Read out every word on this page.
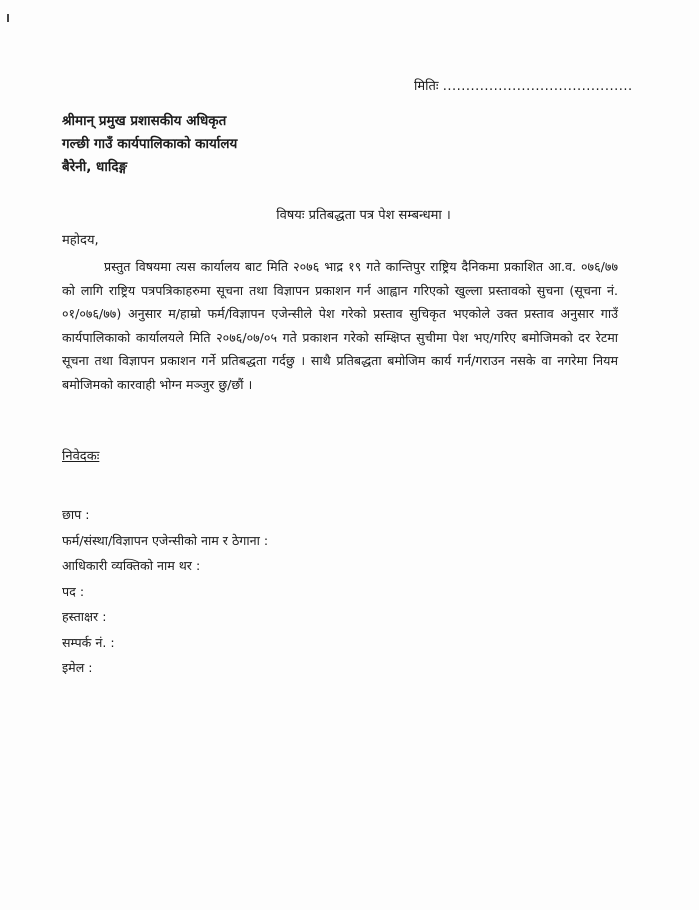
मितिः .........................................
श्रीमान् प्रमुख प्रशासकीय अधिकृत
गल्छी गाउँ कार्यपालिकाको कार्यालय
बैरेनी, धादिङ्ग
विषयः प्रतिबद्धता पत्र पेश सम्बन्धमा ।
महोदय,

प्रस्तुत विषयमा त्यस कार्यालय बाट मिति २०७६ भाद्र १९ गते कान्तिपुर राष्ट्रिय दैनिकमा प्रकाशित आ.व. ०७६/७७ को लागि राष्ट्रिय पत्रपत्रिकाहरुमा सूचना तथा विज्ञापन प्रकाशन गर्न आह्वान गरिएको खुल्ला प्रस्तावको सुचना (सूचना नं. ०१/०७६/७७) अनुसार म/हाम्रो फर्म/विज्ञापन एजेन्सीले पेश गरेको प्रस्ताव सुचिकृत भएकोले उक्त प्रस्ताव अनुसार गाउँ कार्यपालिकाको कार्यालयले मिति २०७६/०७/०५ गते प्रकाशन गरेको सम्क्षिप्त सुचीमा पेश भए/गरिए बमोजिमको दर रेटमा सूचना तथा विज्ञापन प्रकाशन गर्ने प्रतिबद्धता गर्दछु । साथै प्रतिबद्धता बमोजिम कार्य गर्न/गराउन नसके वा नगरेमा नियम बमोजिमको कारवाही भोग्न मञ्जुर छु/छौं ।

निवेदकः
छाप :
फर्म/संस्था/विज्ञापन एजेन्सीको नाम र ठेगाना :
आधिकारी व्यक्तिको नाम थर :
पद :
हस्ताक्षर :
सम्पर्क नं. :
इमेल :
